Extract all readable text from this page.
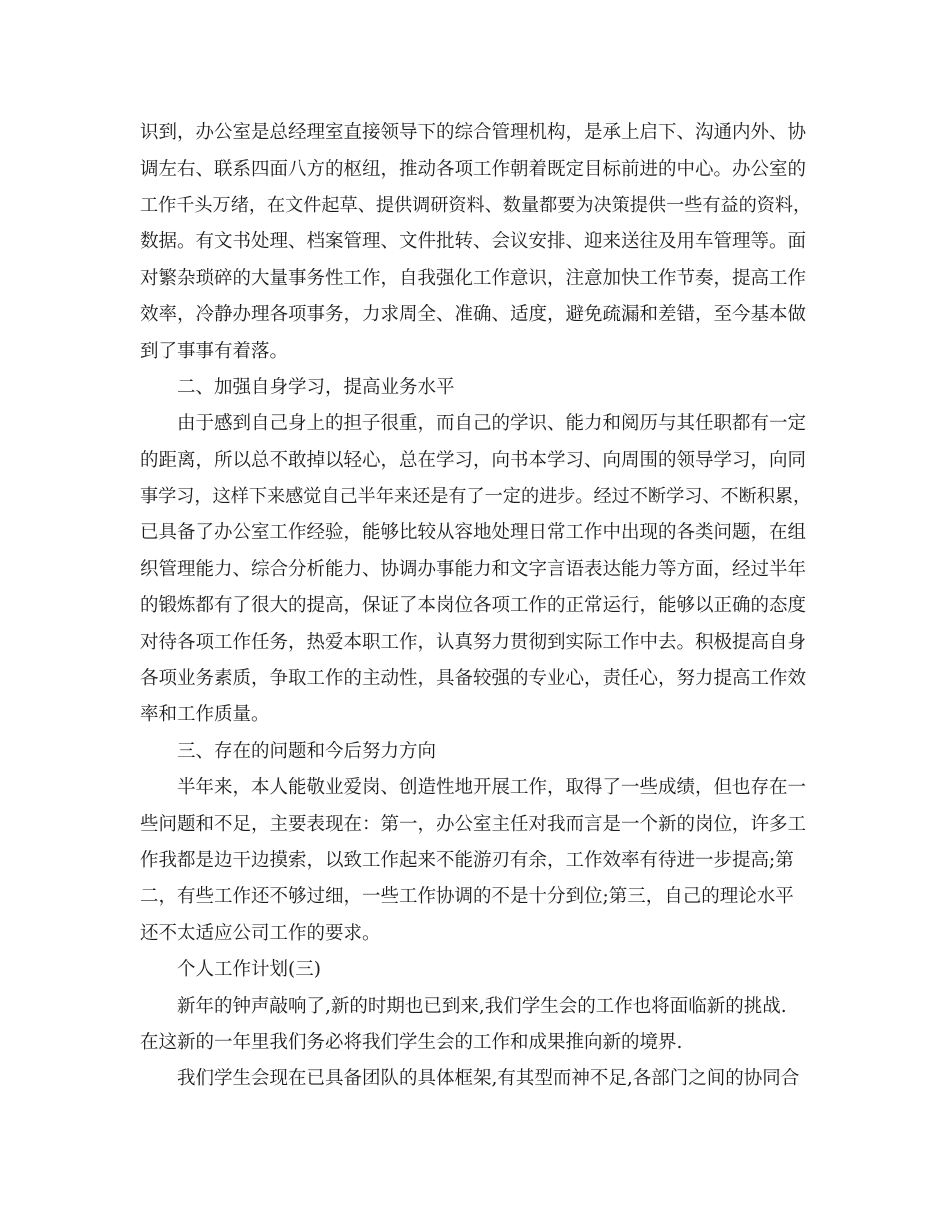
识到，办公室是总经理室直接领导下的综合管理机构，是承上启下、沟通内外、协
调左右、联系四面八方的枢纽，推动各项工作朝着既定目标前进的中心。办公室的
工作千头万绪，在文件起草、提供调研资料、数量都要为决策提供一些有益的资料，
数据。有文书处理、档案管理、文件批转、会议安排、迎来送往及用车管理等。面
对繁杂琐碎的大量事务性工作，自我强化工作意识，注意加快工作节奏，提高工作
效率，冷静办理各项事务，力求周全、准确、适度，避免疏漏和差错，至今基本做
到了事事有着落。
二、加强自身学习，提高业务水平
由于感到自己身上的担子很重，而自己的学识、能力和阅历与其任职都有一定
的距离，所以总不敢掉以轻心，总在学习，向书本学习、向周围的领导学习，向同
事学习，这样下来感觉自己半年来还是有了一定的进步。经过不断学习、不断积累，
已具备了办公室工作经验，能够比较从容地处理日常工作中出现的各类问题，在组
织管理能力、综合分析能力、协调办事能力和文字言语表达能力等方面，经过半年
的锻炼都有了很大的提高，保证了本岗位各项工作的正常运行，能够以正确的态度
对待各项工作任务，热爱本职工作，认真努力贯彻到实际工作中去。积极提高自身
各项业务素质，争取工作的主动性，具备较强的专业心，责任心，努力提高工作效
率和工作质量。
三、存在的问题和今后努力方向
半年来，本人能敬业爱岗、创造性地开展工作，取得了一些成绩，但也存在一
些问题和不足，主要表现在：第一，办公室主任对我而言是一个新的岗位，许多工
作我都是边干边摸索，以致工作起来不能游刃有余，工作效率有待进一步提高;第
二，有些工作还不够过细，一些工作协调的不是十分到位;第三，自己的理论水平
还不太适应公司工作的要求。
个人工作计划(三)
新年的钟声敲响了,新的时期也已到来,我们学生会的工作也将面临新的挑战.
在这新的一年里我们务必将我们学生会的工作和成果推向新的境界.
我们学生会现在已具备团队的具体框架,有其型而神不足,各部门之间的协同合
